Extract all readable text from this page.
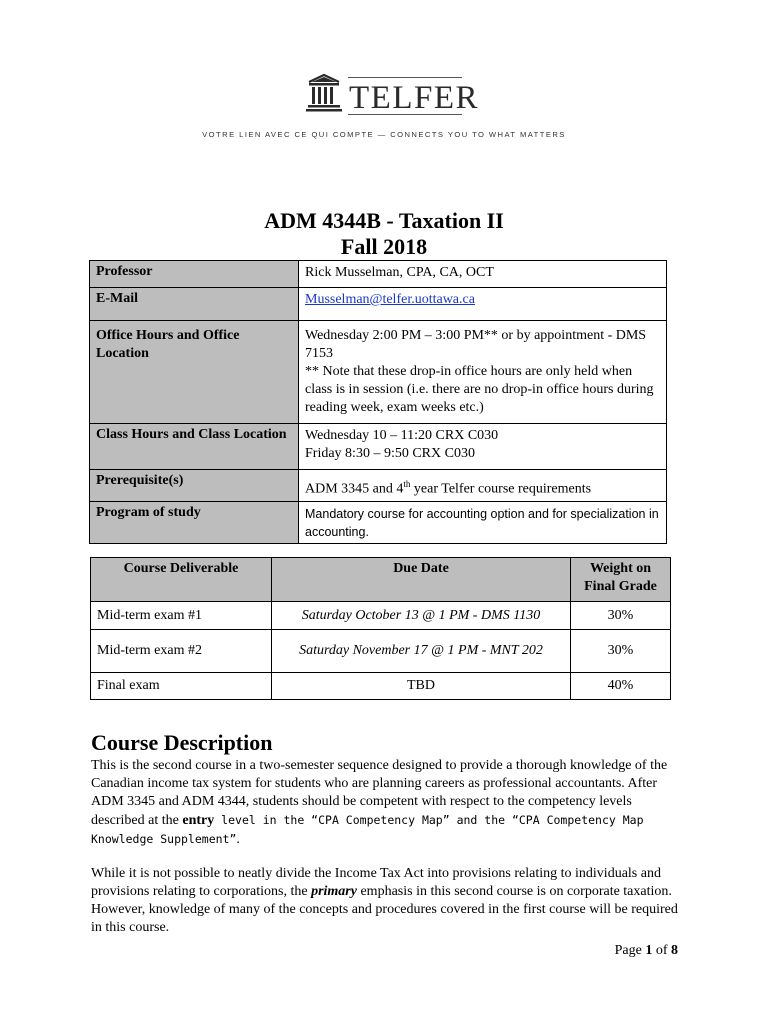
TELFER
VOTRE LIEN AVEC CE QUI COMPTE — CONNECTS YOU TO WHAT MATTERS
ADM 4344B - Taxation II
Fall 2018
Professor	Rick Musselman, CPA, CA, OCT
E-Mail	Musselman@telfer.uottawa.ca
Office Hours and Office Location	Wednesday 2:00 PM – 3:00 PM** or by appointment - DMS 7153
** Note that these drop-in office hours are only held when class is in session (i.e. there are no drop-in office hours during reading week, exam weeks etc.)

Class Hours and Class Location	Wednesday 10 – 11:20 CRX C030
Friday 8:30 – 9:50 CRX C030

Prerequisite(s)	ADM 3345 and 4th year Telfer course requirements
Program of study	Mandatory course for accounting option and for specialization in accounting.
Course Deliverable	Due Date	Weight on Final Grade
Mid-term exam #1	Saturday October 13 @ 1 PM - DMS 1130	30%
Mid-term exam #2	Saturday November 17 @ 1 PM - MNT 202	30%
Final exam	TBD	40%
Course Description

This is the second course in a two-semester sequence designed to provide a thorough knowledge of the Canadian income tax system for students who are planning careers as professional accountants. After ADM 3345 and ADM 4344, students should be competent with respect to the competency levels described at the entry level in the “CPA Competency Map” and the “CPA Competency Map Knowledge Supplement”.

While it is not possible to neatly divide the Income Tax Act into provisions relating to individuals and provisions relating to corporations, the primary emphasis in this second course is on corporate taxation. However, knowledge of many of the concepts and procedures covered in the first course will be required in this course.

Page 1 of 8
